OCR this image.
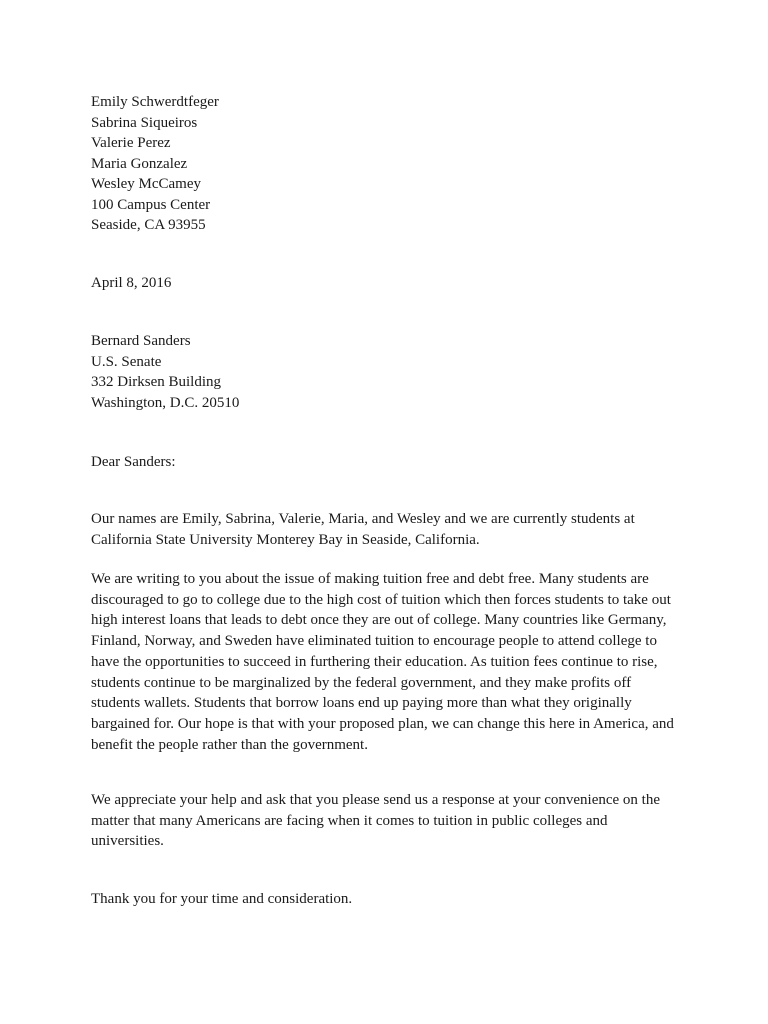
Emily Schwerdtfeger
Sabrina Siqueiros
Valerie Perez
Maria Gonzalez
Wesley McCamey
100 Campus Center
Seaside, CA 93955
April 8, 2016
Bernard Sanders
U.S. Senate
332 Dirksen Building
Washington, D.C. 20510
Dear Sanders:
Our names are Emily, Sabrina, Valerie, Maria, and Wesley and we are currently students at
California State University Monterey Bay in Seaside, California.
We are writing to you about the issue of making tuition free and debt free. Many students are
discouraged to go to college due to the high cost of tuition which then forces students to take out
high interest loans that leads to debt once they are out of college. Many countries like Germany,
Finland, Norway, and Sweden have eliminated tuition to encourage people to attend college to
have the opportunities to succeed in furthering their education. As tuition fees continue to rise,
students continue to be marginalized by the federal government, and they make profits off
students wallets. Students that borrow loans end up paying more than what they originally
bargained for. Our hope is that with your proposed plan, we can change this here in America, and
benefit the people rather than the government.
We appreciate your help and ask that you please send us a response at your convenience on the
matter that many Americans are facing when it comes to tuition in public colleges and
universities.
Thank you for your time and consideration.
